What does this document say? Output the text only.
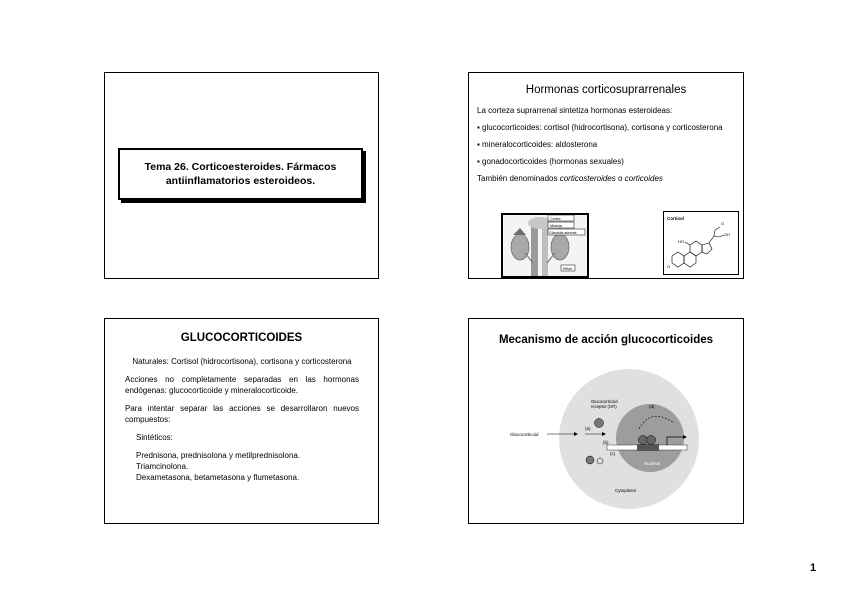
Tema 26. Corticoesteroides. Fármacos
antiinflamatorios esteroideos.
Hormonas corticosuprarrenales

La corteza suprarrenal sintetiza hormonas esteroideas:

▪ glucocorticoides: cortisol (hidrocortisona), cortisona y corticosterona

▪ mineralocorticoides: aldosterona

▪ gonadocorticoides (hormonas sexuales)

También denominados corticosteroides o corticoides

Cortex
Médula
Glándula adrenal
Riñón
Cortisol
O
HO
OH
O
GLUCOCORTICOIDES

Naturales: Cortisol (hidrocortisona), cortisona y corticosterona

Acciones no completamente separadas en las hormonas endógenas: glucocorticoide y mineralocorticoide.

Para intentar separar las acciones se desarrollaron nuevos compuestos:

Sintéticos:

Prednisona, prednisolona y metilprednisolona.
Triamcinolona.
Dexametasona, betametasona y flumetasona.

Mecanismo de acción glucocorticoides
(d)
Glucocorticoid
(a)
Glucocorticoid
receptor (GR)
(b)
(c)
Nucleus
Cytoplasm
1
